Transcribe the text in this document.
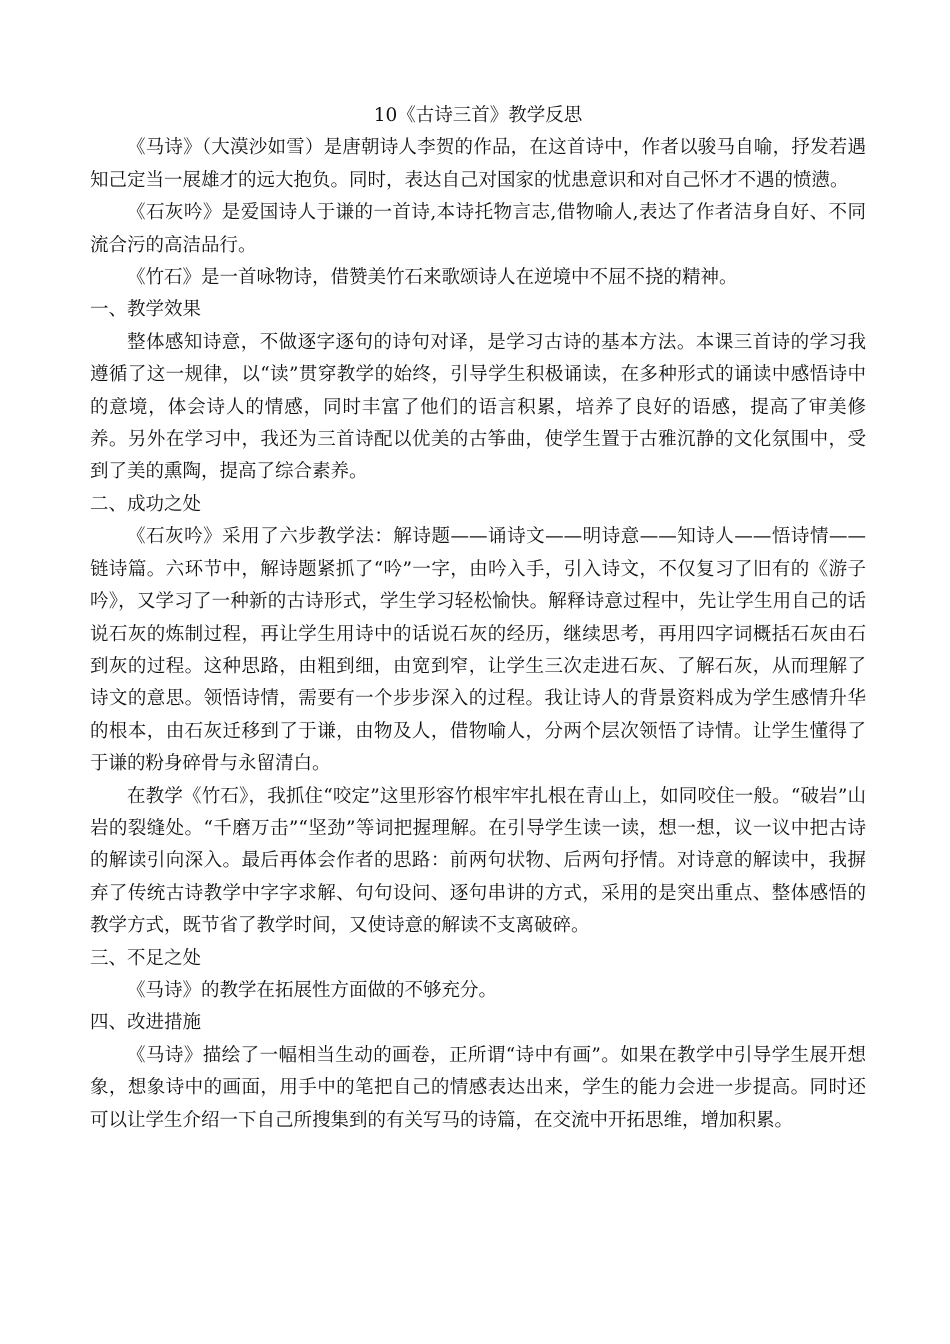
10《古诗三首》教学反思

《马诗》（大漠沙如雪）是唐朝诗人李贺的作品，在这首诗中，作者以骏马自喻，抒发若遇知己定当一展雄才的远大抱负。同时，表达自己对国家的忧患意识和对自己怀才不遇的愤懑。

《石灰吟》是爱国诗人于谦的一首诗,本诗托物言志,借物喻人,表达了作者洁身自好、不同流合污的高洁品行。

《竹石》是一首咏物诗，借赞美竹石来歌颂诗人在逆境中不屈不挠的精神。

一、教学效果

整体感知诗意，不做逐字逐句的诗句对译，是学习古诗的基本方法。本课三首诗的学习我遵循了这一规律，以“读”贯穿教学的始终，引导学生积极诵读，在多种形式的诵读中感悟诗中的意境，体会诗人的情感，同时丰富了他们的语言积累，培养了良好的语感，提高了审美修养。另外在学习中，我还为三首诗配以优美的古筝曲，使学生置于古雅沉静的文化氛围中，受到了美的熏陶，提高了综合素养。

二、成功之处

《石灰吟》采用了六步教学法：解诗题——诵诗文——明诗意——知诗人——悟诗情——链诗篇。六环节中，解诗题紧抓了“吟”一字，由吟入手，引入诗文，不仅复习了旧有的《游子吟》，又学习了一种新的古诗形式，学生学习轻松愉快。解释诗意过程中，先让学生用自己的话说石灰的炼制过程，再让学生用诗中的话说石灰的经历，继续思考，再用四字词概括石灰由石到灰的过程。这种思路，由粗到细，由宽到窄，让学生三次走进石灰、了解石灰，从而理解了诗文的意思。领悟诗情，需要有一个步步深入的过程。我让诗人的背景资料成为学生感情升华的根本，由石灰迁移到了于谦，由物及人，借物喻人，分两个层次领悟了诗情。让学生懂得了于谦的粉身碎骨与永留清白。

在教学《竹石》，我抓住“咬定”这里形容竹根牢牢扎根在青山上，如同咬住一般。“破岩”山岩的裂缝处。“千磨万击”“坚劲”等词把握理解。在引导学生读一读，想一想，议一议中把古诗的解读引向深入。最后再体会作者的思路：前两句状物、后两句抒情。对诗意的解读中，我摒弃了传统古诗教学中字字求解、句句设问、逐句串讲的方式，采用的是突出重点、整体感悟的教学方式，既节省了教学时间，又使诗意的解读不支离破碎。

三、不足之处

《马诗》的教学在拓展性方面做的不够充分。

四、改进措施

《马诗》描绘了一幅相当生动的画卷，正所谓“诗中有画”。如果在教学中引导学生展开想象，想象诗中的画面，用手中的笔把自己的情感表达出来，学生的能力会进一步提高。同时还可以让学生介绍一下自己所搜集到的有关写马的诗篇，在交流中开拓思维，增加积累。
